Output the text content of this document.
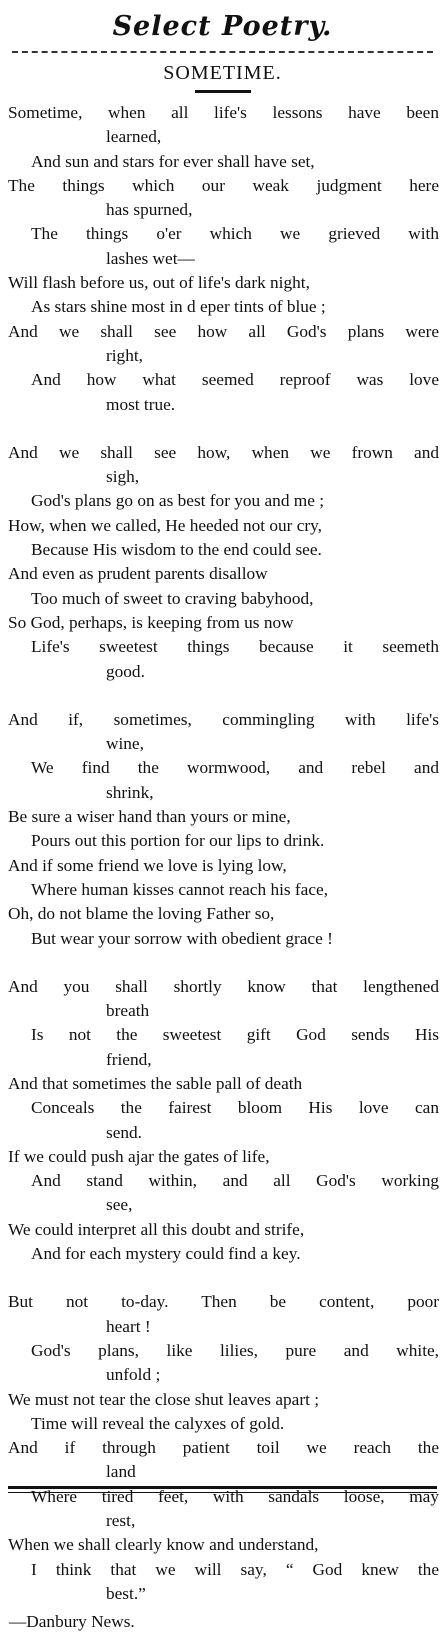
Select Poetry.
SOMETIME.
Sometime, when all life's lessons have been
learned,
And sun and stars for ever shall have set,
The things which our weak judgment here
has spurned,
The things o'er which we grieved with
lashes wet—
Will flash before us, out of life's dark night,
As stars shine most in d eper tints of blue ;
And we shall see how all God's plans were
right,
And how what seemed reproof was love
most true.
And we shall see how, when we frown and
sigh,
God's plans go on as best for you and me ;
How, when we called, He heeded not our cry,
Because His wisdom to the end could see.
And even as prudent parents disallow
Too much of sweet to craving babyhood,
So God, perhaps, is keeping from us now
Life's sweetest things because it seemeth
good.
And if, sometimes, commingling with life's
wine,
We find the wormwood, and rebel and
shrink,
Be sure a wiser hand than yours or mine,
Pours out this portion for our lips to drink.
And if some friend we love is lying low,
Where human kisses cannot reach his face,
Oh, do not blame the loving Father so,
But wear your sorrow with obedient grace !
And you shall shortly know that lengthened
breath
Is not the sweetest gift God sends His
friend,
And that sometimes the sable pall of death
Conceals the fairest bloom His love can
send.
If we could push ajar the gates of life,
And stand within, and all God's working
see,
We could interpret all this doubt and strife,
And for each mystery could find a key.
But not to-day. Then be content, poor
heart !
God's plans, like lilies, pure and white,
unfold ;
We must not tear the close shut leaves apart ;
Time will reveal the calyxes of gold.
And if through patient toil we reach the
land
Where tired feet, with sandals loose, may
rest,
When we shall clearly know and understand,
I think that we will say, “ God knew the
best.”
—Danbury News.
